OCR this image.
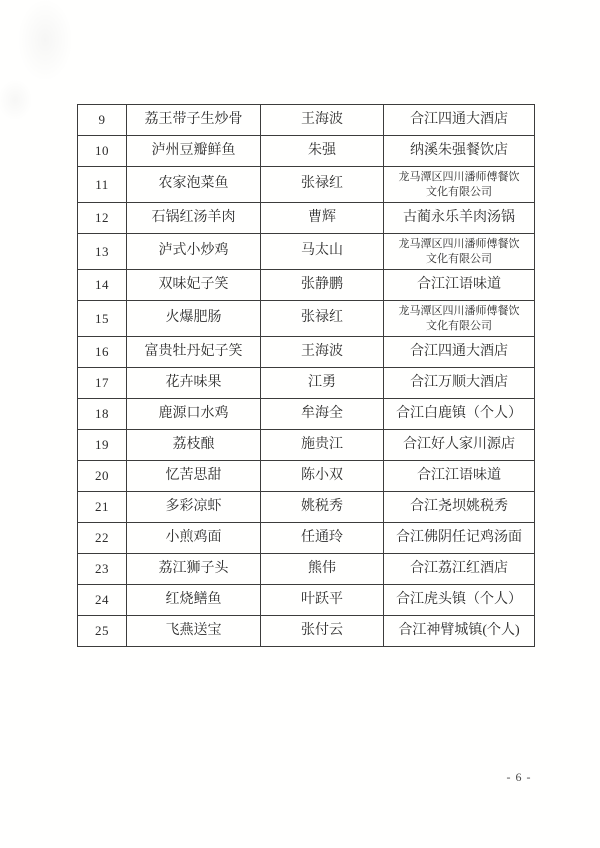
9	荔王带子生炒骨	王海波	合江四通大酒店
10	泸州豆瓣鲜鱼	朱强	纳溪朱强餐饮店
11	农家泡菜鱼	张禄红	龙马潭区四川潘师傅餐饮文化有限公司
12	石锅红汤羊肉	曹辉	古蔺永乐羊肉汤锅
13	泸式小炒鸡	马太山	龙马潭区四川潘师傅餐饮文化有限公司
14	双味妃子笑	张静鹏	合江江语味道
15	火爆肥肠	张禄红	龙马潭区四川潘师傅餐饮文化有限公司
16	富贵牡丹妃子笑	王海波	合江四通大酒店
17	花卉味果	江勇	合江万顺大酒店
18	鹿源口水鸡	牟海全	合江白鹿镇（个人）
19	荔枝酿	施贵江	合江好人家川源店
20	忆苦思甜	陈小双	合江江语味道
21	多彩凉虾	姚税秀	合江尧坝姚税秀
22	小煎鸡面	任通玲	合江佛阴任记鸡汤面
23	荔江狮子头	熊伟	合江荔江红酒店
24	红烧鳝鱼	叶跃平	合江虎头镇（个人）
25	飞燕送宝	张付云	合江神臂城镇(个人)
- 6 -
